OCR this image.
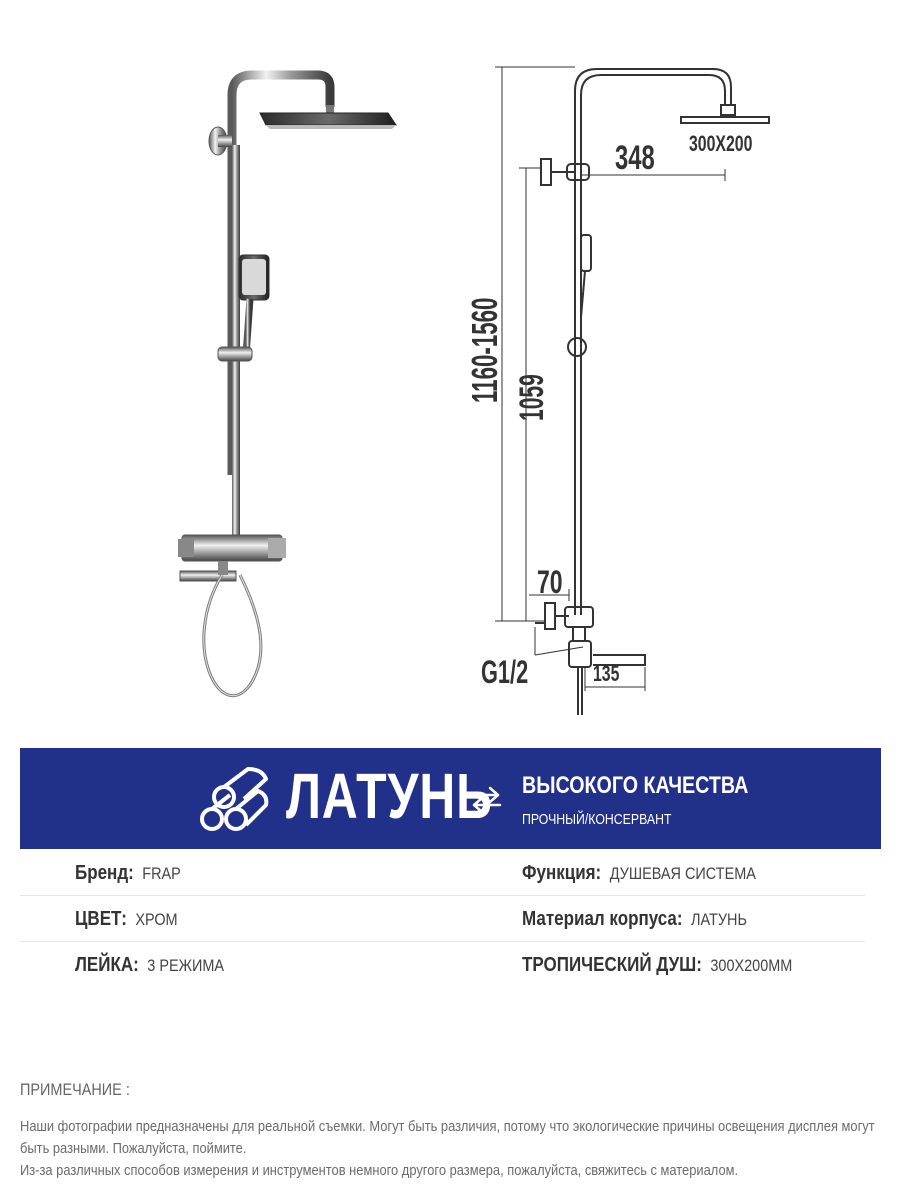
1160-1560 1059
348 300X200
70
G1/2	135

ЛАТУНЬ ВЫСОКОГО КАЧЕСТВА

ПРОЧНЫЙ/КОНСЕРВАНТ

Бренд: FRAP	Функция: ДУШЕВАЯ СИСТЕМА
ЦВЕТ: ХРОМ	Материал корпуса: ЛАТУНЬ
ЛЕЙКА: 3 РЕЖИМА	ТРОПИЧЕСКИЙ ДУШ: 300X200MM

ПРИМЕЧАНИЕ :

Наши фотографии предназначены для реальной съемки. Могут быть различия, потому что экологические причины освещения дисплея могут быть разными. Пожалуйста, поймите.

Из-за различных способов измерения и инструментов немного другого размера, пожалуйста, свяжитесь с материалом.
